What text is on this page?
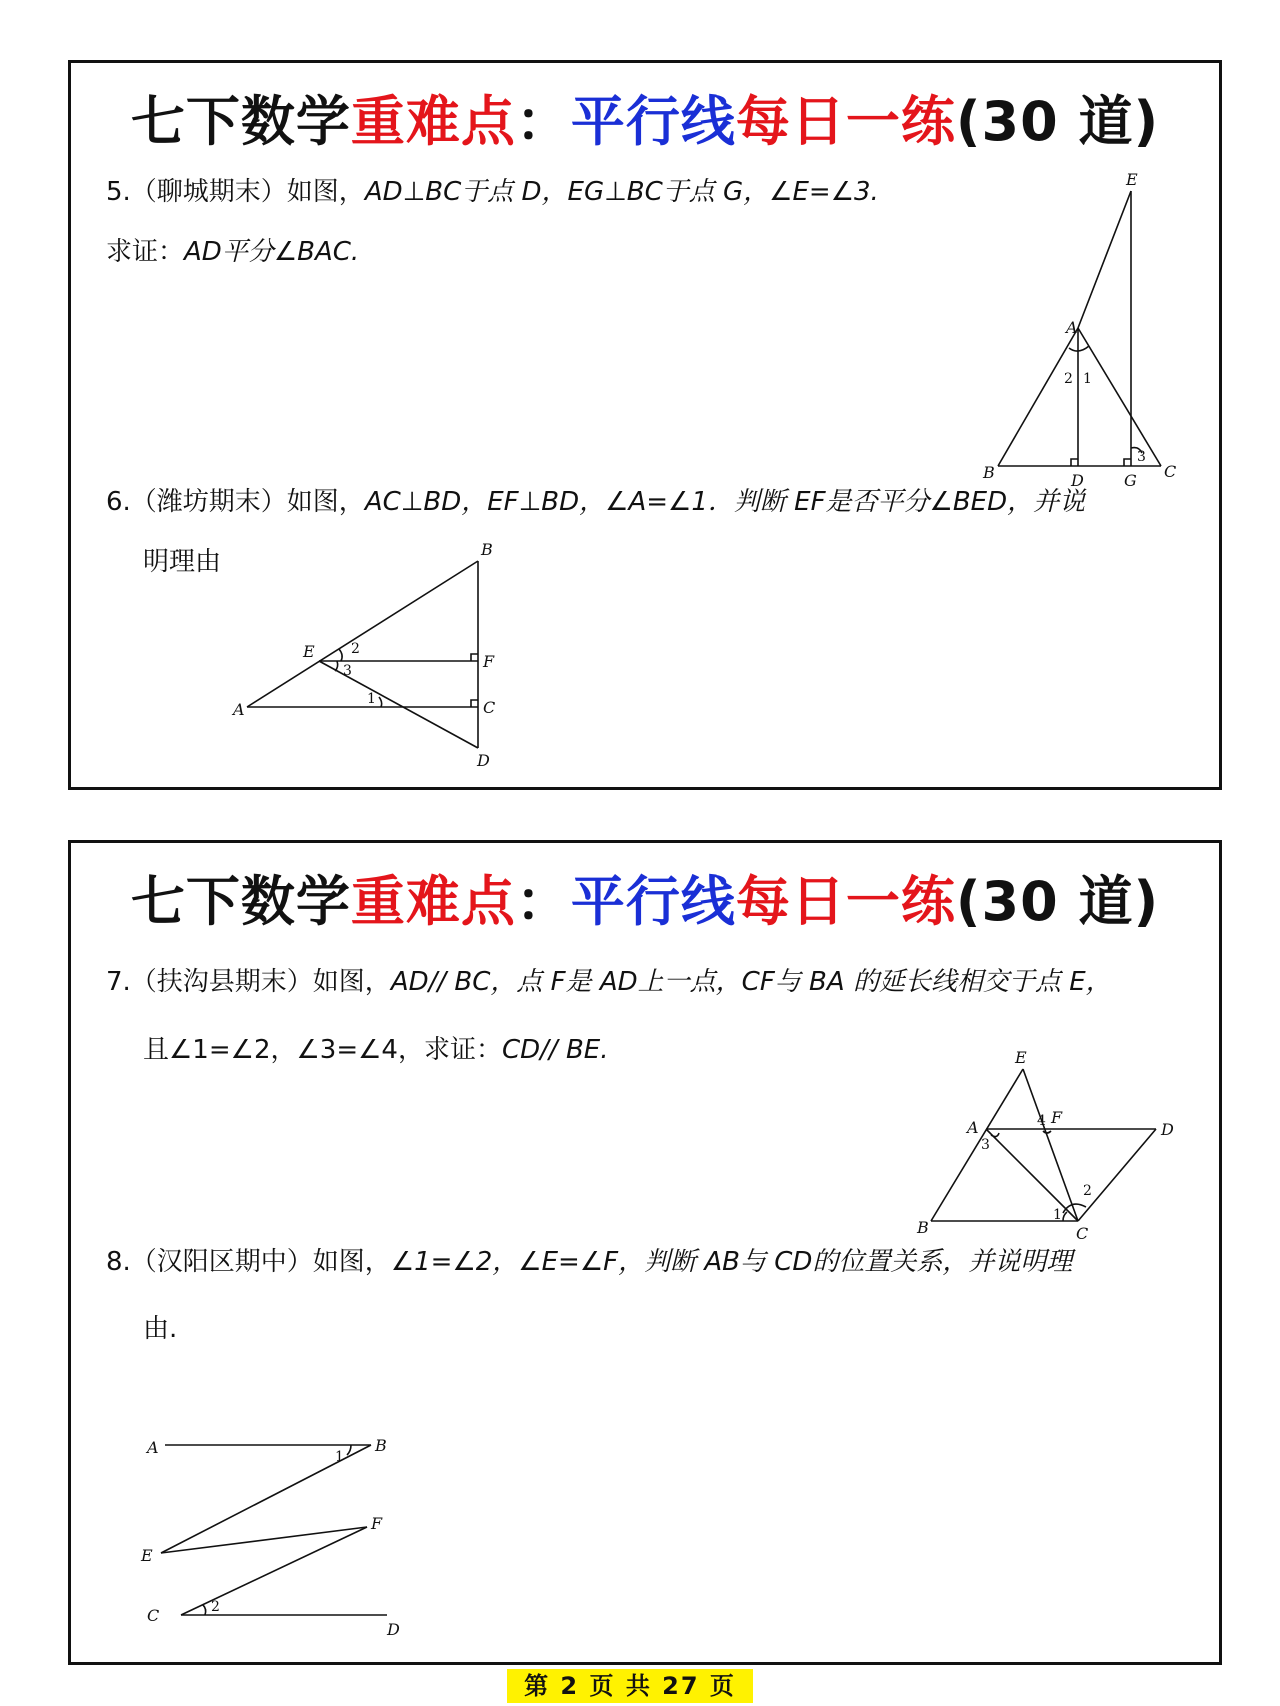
七下数学重难点：平行线每日一练(30 道)
5.（聊城期末）如图，AD⊥BC于点 D，EG⊥BC于点 G，∠E=∠3.
求证：AD平分∠BAC.
E
A
B	D	G C
2 1
3
6.（潍坊期末）如图，AC⊥BD，EF⊥BD，∠A=∠1．判断 EF是否平分∠BED，并说
明理由	B
E
F
A	C
D
2
3
1
七下数学重难点：平行线每日一练(30 道)
7.（扶沟县期末）如图，AD// BC，点 F是 AD上一点，CF与 BA 的延长线相交于点 E，
且∠1=∠2，∠3=∠4，求证：CD// BE.	E
A
F
D
B	C
4
3
2
1
8.（汉阳区期中）如图，∠1=∠2，∠E=∠F，判断 AB与 CD的位置关系，并说明理
由.
A	B
F
E
C
D
1
2
第 2 页 共 27 页
